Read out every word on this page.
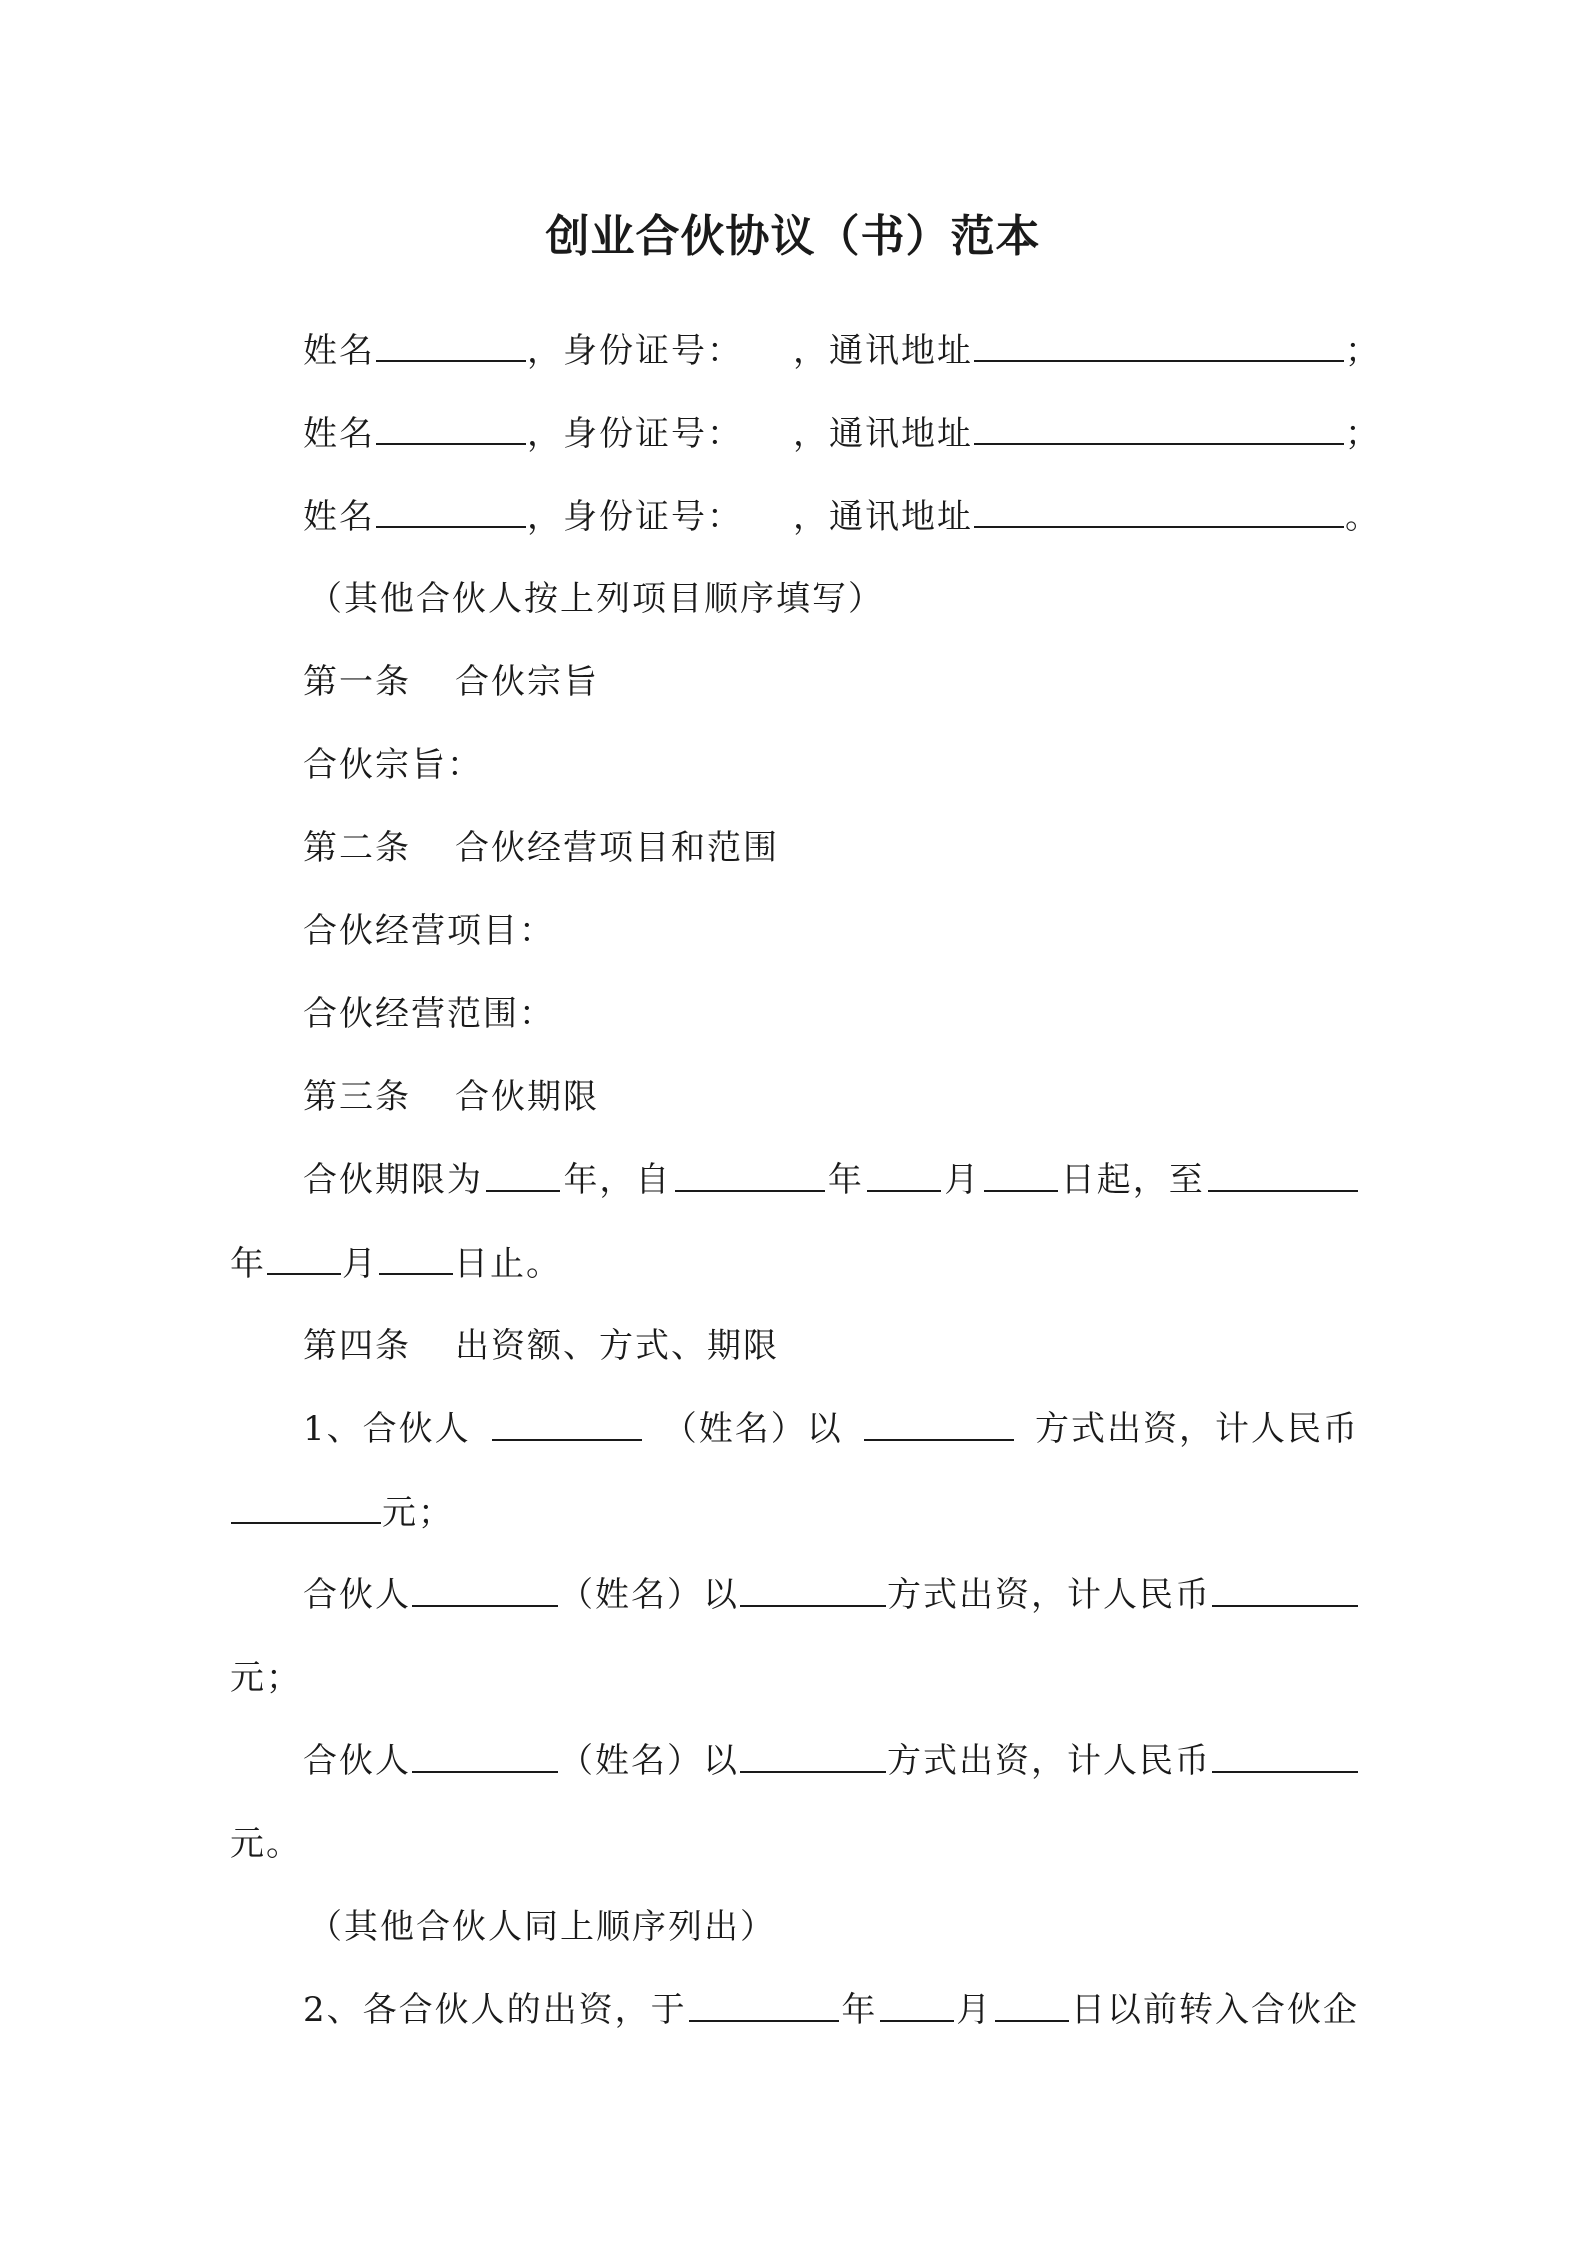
创业合伙协议（书）范本
姓名	，身份证号： ，通讯地址	；
姓名	，身份证号： ，通讯地址	；
姓名	，身份证号： ，通讯地址	。
（其他合伙人按上列项目顺序填写）
第一条 合伙宗旨
合伙宗旨：
第二条 合伙经营项目和范围
合伙经营项目：
合伙经营范围：
第三条 合伙期限
合伙期限为 年，自	年 月 日起，至
年 月 日止。
第四条 出资额、方式、期限
1、合伙人	（姓名）以	方式出资，计人民币
元；
合伙人	（姓名）以	方式出资，计人民币
元；
合伙人	（姓名）以	方式出资，计人民币
元。
（其他合伙人同上顺序列出）
2、各合伙人的出资，于	年 月 日以前转入合伙企
